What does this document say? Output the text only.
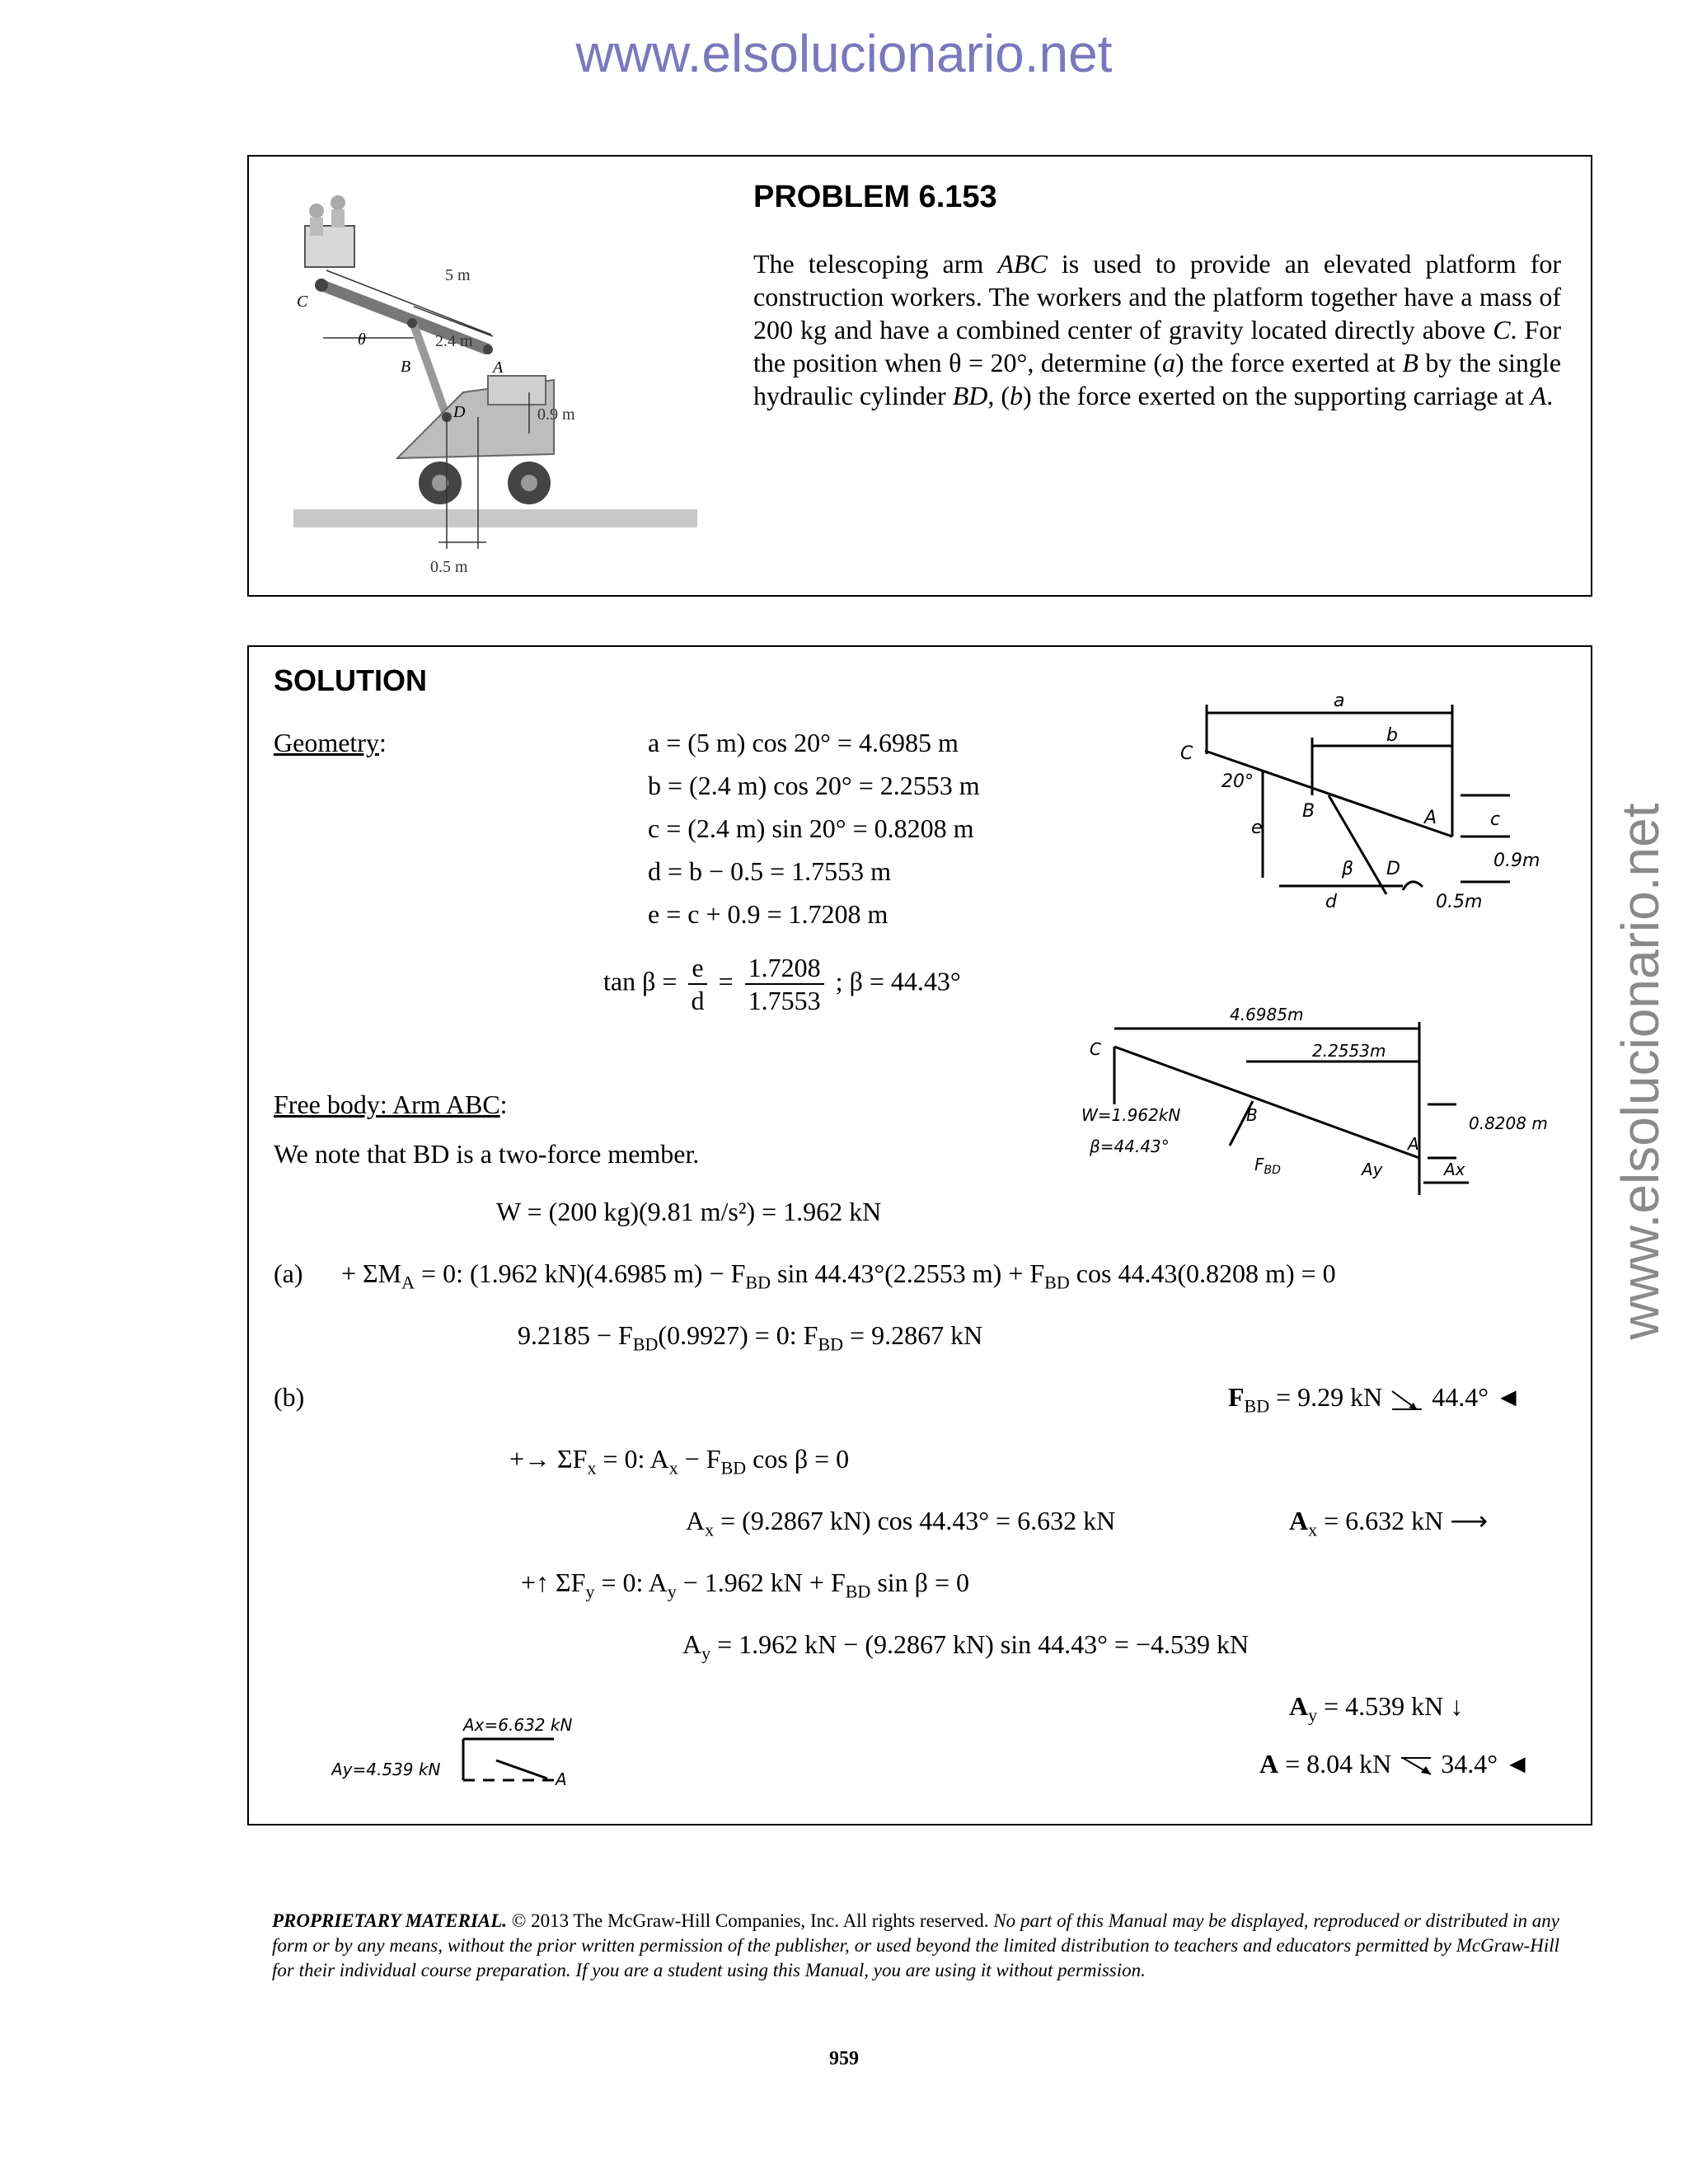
www.elsolucionario.net
www.elsolucionario.net
5 m
2.4 m
0.9 m
0.5 m
C
B	A
D
θ
PROBLEM 6.153
The telescoping arm ABC is used to provide an elevated platform for construction workers. The workers and the platform together have a mass of 200 kg and have a combined center of gravity located directly above C. For the position when θ = 20°, determine (a) the force exerted at B by the single hydraulic cylinder BD, (b) the force exerted on the supporting carriage at A.
SOLUTION
Geometry:	a = (5 m) cos 20° = 4.6985 m
b = (2.4 m) cos 20° = 2.2553 m
c = (2.4 m) sin 20° = 0.8208 m
d = b − 0.5 = 1.7553 m
e = c + 0.9 = 1.7208 m
$\tan \beta = \frac{e}{d} = \frac{1.7208}{1.7553}$ ; β = 44.43°
Free body: Arm ABC:
We note that BD is a two-force member.
W = (200 kg)(9.81 m/s²) = 1.962 kN
$(a) + \Sigma M_A = 0$: (1.962 kN)(4.6985 $m) - F_{BD}$ sin 44.43°(2.2553 $m) + F_{BD}$ cos 44.43(0.8208 m) = 0
$9.2185 - F_{BD}(0.9927) = 0$: $F_{BD} = 9.2867$ kN
(b)	$F_{BD} = 9.29$ kN 44.4° ◄
+→ $\Sigma F_x = 0$: $A_x - F_{BD}$ cos β = 0
$A_x = (9.2867$ kN) cos 44.43° = 6.632 kN	$A_x = 6.632$ kN ⟶
+↑ $\Sigma F_y = 0$: $A_y - 1.962$ kN + $F_{BD}$ sin β = 0
$A_y = 1.962$ kN − (9.2867 kN) sin 44.43° = −4.539 kN
$A_y = 4.539$ kN ↓
A = 8.04 kN 34.4° ◄
C
a
b
20°
B	A	c
0.9m
e
β D
d	0.5m
C
4.6985m
2.2553m
W=1.962kN
β=44.43°
B
A
0.8208 m
$F_{BD}$	Ay	Ax
Ax=6.632 kN
Ay=4.539 kN	A
PROPRIETARY MATERIAL. © 2013 The McGraw-Hill Companies, Inc. All rights reserved. No part of this Manual may be displayed, reproduced or distributed in any form or by any means, without the prior written permission of the publisher, or used beyond the limited distribution to teachers and educators permitted by McGraw-Hill for their individual course preparation. If you are a student using this Manual, you are using it without permission.
959
